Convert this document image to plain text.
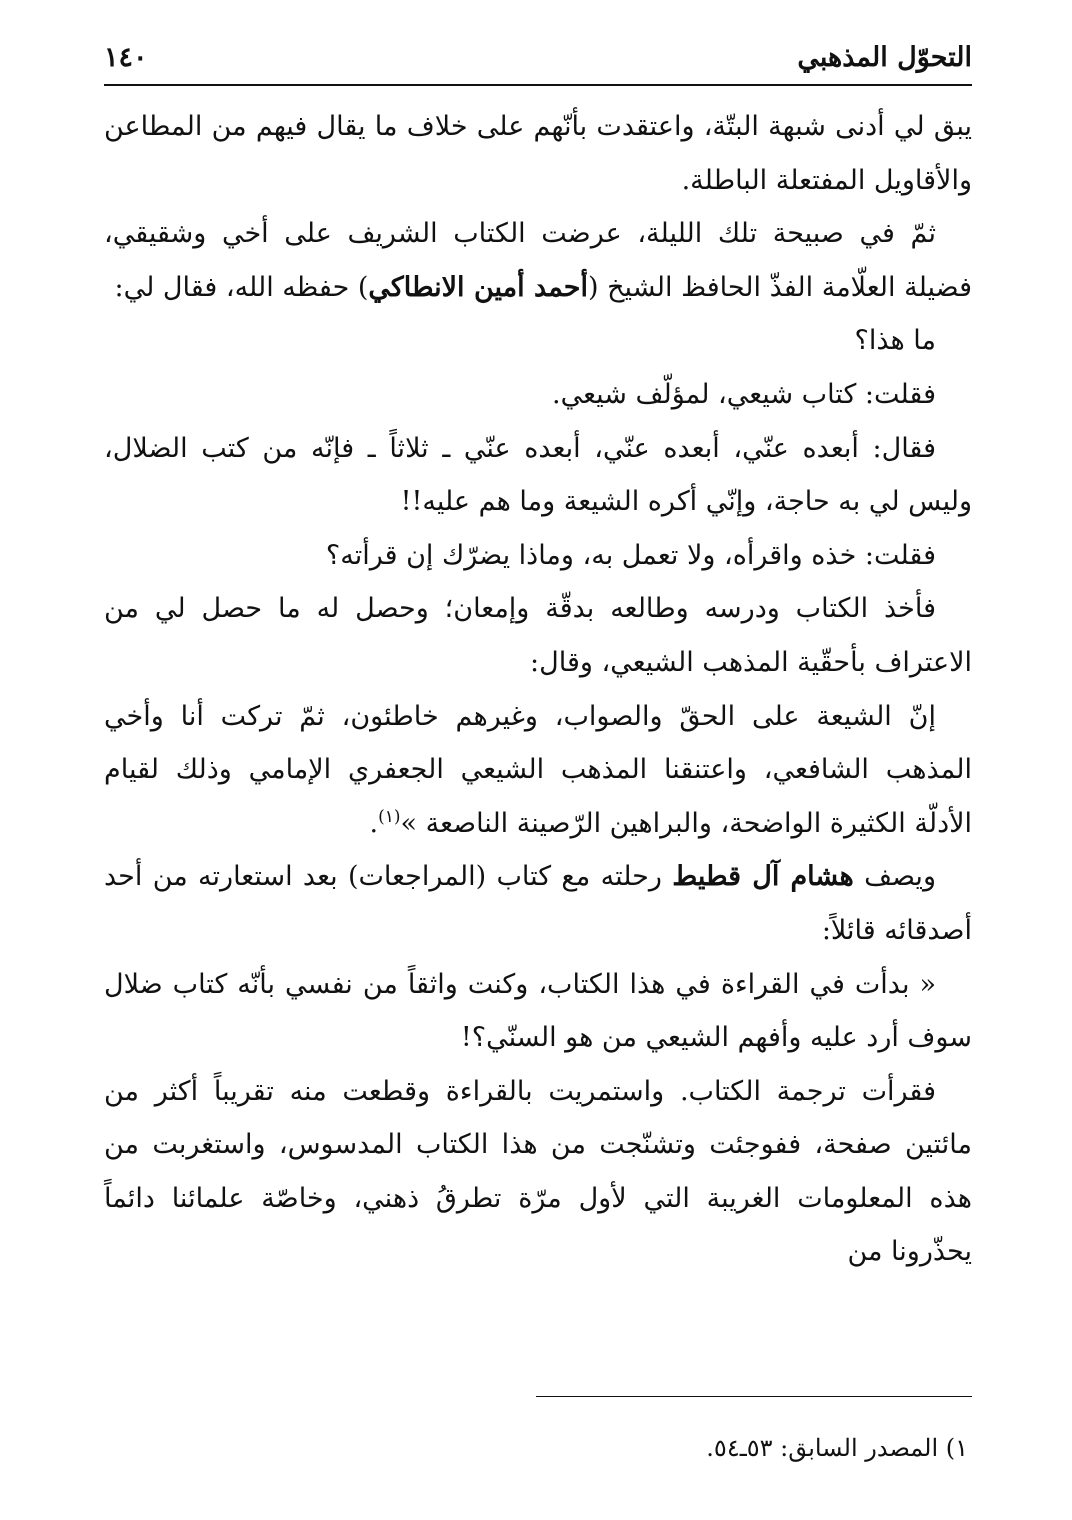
التحوّل المذهبي
١٤٠

يبق لي أدنى شبهة البتّة، واعتقدت بأنّهم على خلاف ما يقال فيهم من المطاعن والأقاويل المفتعلة الباطلة.

ثمّ في صبيحة تلك الليلة، عرضت الكتاب الشريف على أخي وشقيقي، فضيلة العلّامة الفذّ الحافظ الشيخ (أحمد أمين الانطاكي) حفظه الله، فقال لي:

ما هذا؟

فقلت: كتاب شيعي، لمؤلّف شيعي.

فقال: أبعده عنّي، أبعده عنّي، أبعده عنّي ـ ثلاثاً ـ فإنّه من كتب الضلال، وليس لي به حاجة، وإنّي أكره الشيعة وما هم عليه!!

فقلت: خذه واقرأه، ولا تعمل به، وماذا يضرّك إن قرأته؟

فأخذ الكتاب ودرسه وطالعه بدقّة وإمعان؛ وحصل له ما حصل لي من الاعتراف بأحقّية المذهب الشيعي، وقال:

إنّ الشيعة على الحقّ والصواب، وغيرهم خاطئون، ثمّ تركت أنا وأخي المذهب الشافعي، واعتنقنا المذهب الشيعي الجعفري الإمامي وذلك لقيام الأدلّة الكثيرة الواضحة، والبراهين الرّصينة الناصعة »$^{(١)}$.

ويصف هشام آل قطيط رحلته مع كتاب (المراجعات) بعد استعارته من أحد أصدقائه قائلاً:

« بدأت في القراءة في هذا الكتاب، وكنت واثقاً من نفسي بأنّه كتاب ضلال سوف أرد عليه وأفهم الشيعي من هو السنّي؟!

فقرأت ترجمة الكتاب. واستمريت بالقراءة وقطعت منه تقريباً أكثر من مائتين صفحة، ففوجئت وتشنّجت من هذا الكتاب المدسوس، واستغربت من هذه المعلومات الغريبة التي لأول مرّة تطرقُ ذهني، وخاصّة علمائنا دائماً يحذّرونا من

١) المصدر السابق: ٥٣ـ٥٤.
